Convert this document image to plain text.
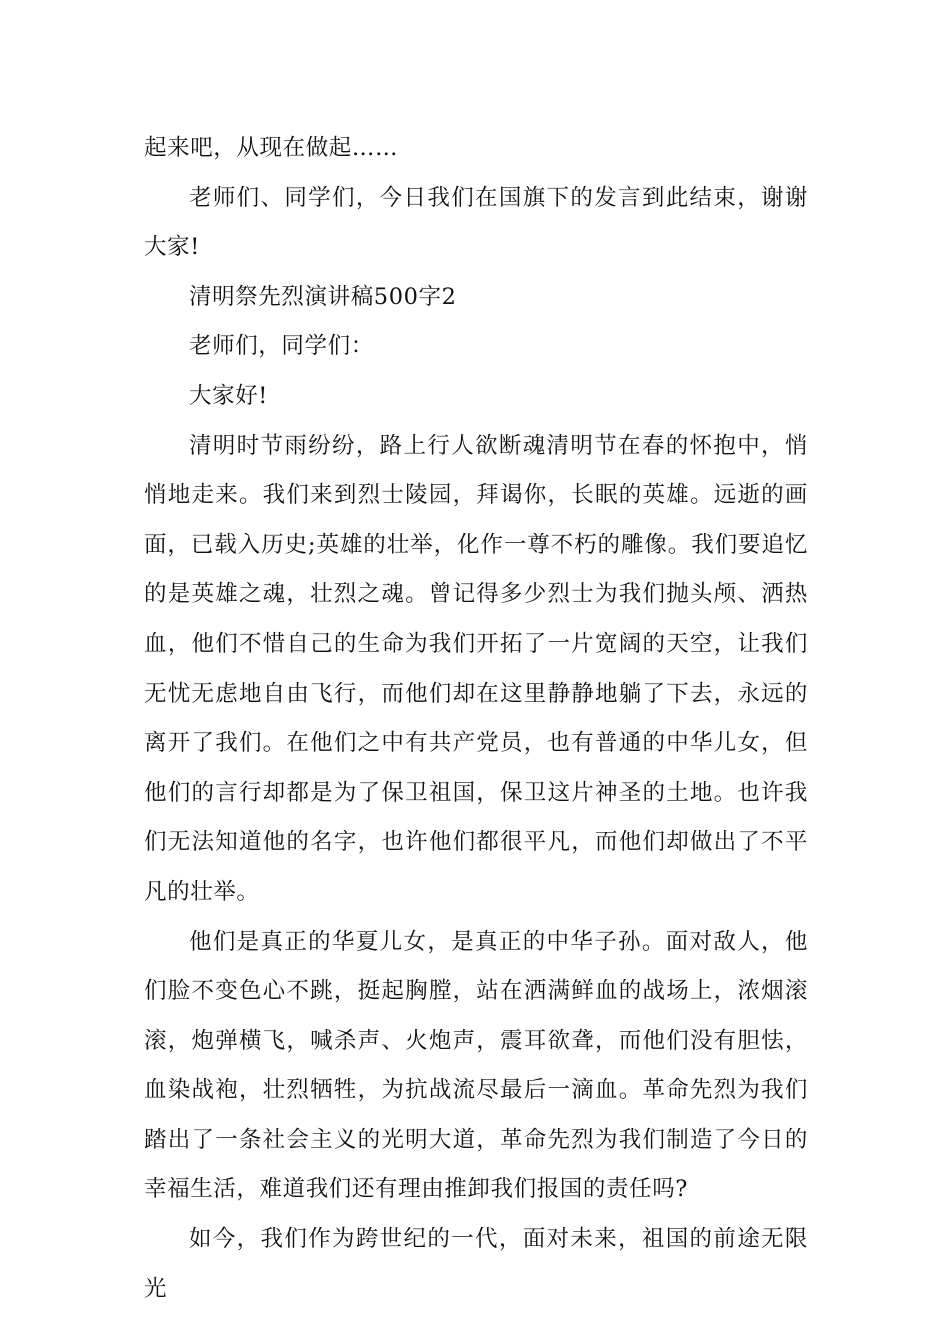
起来吧，从现在做起……

老师们、同学们，今日我们在国旗下的发言到此结束，谢谢大家!

清明祭先烈演讲稿500字2

老师们，同学们：

大家好!

清明时节雨纷纷，路上行人欲断魂清明节在春的怀抱中，悄悄地走来。我们来到烈士陵园，拜谒你，长眠的英雄。远逝的画面，已载入历史;英雄的壮举，化作一尊不朽的雕像。我们要追忆的是英雄之魂，壮烈之魂。曾记得多少烈士为我们抛头颅、洒热血，他们不惜自己的生命为我们开拓了一片宽阔的天空，让我们无忧无虑地自由飞行，而他们却在这里静静地躺了下去，永远的离开了我们。在他们之中有共产党员，也有普通的中华儿女，但他们的言行却都是为了保卫祖国，保卫这片神圣的土地。也许我们无法知道他的名字，也许他们都很平凡，而他们却做出了不平凡的壮举。

他们是真正的华夏儿女，是真正的中华子孙。面对敌人，他们脸不变色心不跳，挺起胸膛，站在洒满鲜血的战场上，浓烟滚滚，炮弹横飞，喊杀声、火炮声，震耳欲聋，而他们没有胆怯，血染战袍，壮烈牺牲，为抗战流尽最后一滴血。革命先烈为我们踏出了一条社会主义的光明大道，革命先烈为我们制造了今日的幸福生活，难道我们还有理由推卸我们报国的责任吗?

如今，我们作为跨世纪的一代，面对未来，祖国的前途无限光
